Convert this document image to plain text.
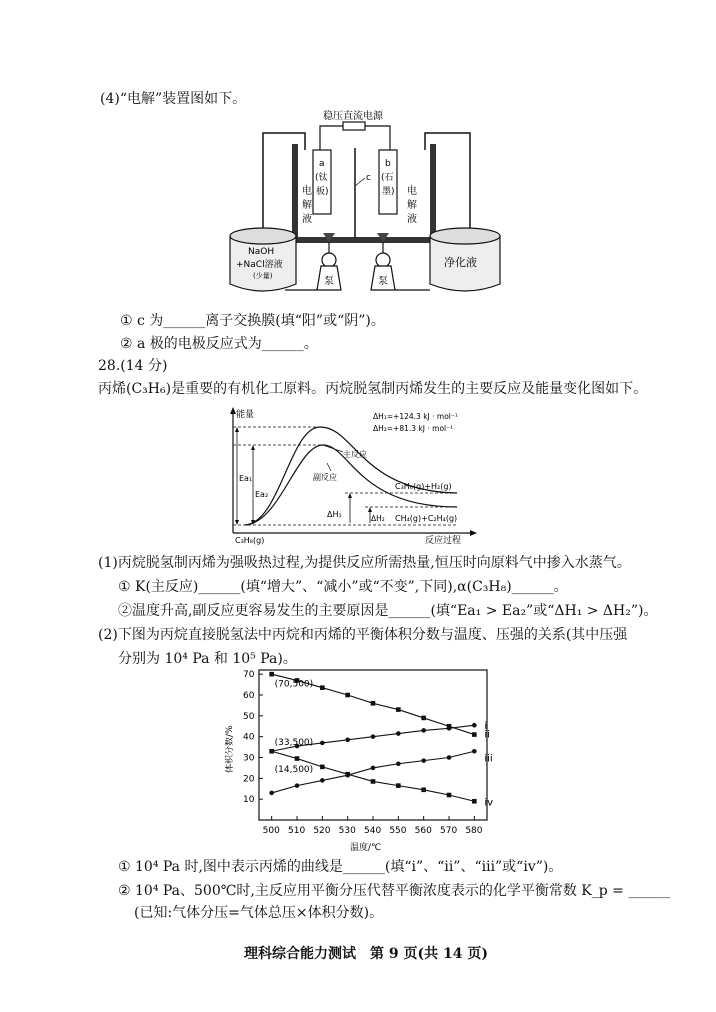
(4)“电解”装置图如下。
稳压直流电源
a
(钛
板)
b
(石
墨)
c
电
解
液
电
解
液
泵	泵
NaOH
+NaCl溶液
(少量)
净化液
① c 为______离子交换膜(填“阳”或“阴”)。
② a 极的电极反应式为______。
28.(14 分)
丙烯(C₃H₆)是重要的有机化工原料。丙烷脱氢制丙烯发生的主要反应及能量变化图如下。
能量
反应过程
ΔH₁=+124.3 kJ · mol⁻¹
ΔH₂=+81.3 kJ · mol⁻¹
主反应
副反应
Ea₁
Ea₂
ΔH₁	ΔH₂
C₃H₈(g)
C₃H₆(g)+H₂(g)
CH₄(g)+C₂H₄(g)
(1)丙烷脱氢制丙烯为强吸热过程,为提供反应所需热量,恒压时向原料气中掺入水蒸气。
① K(主反应)______(填“增大”、“减小”或“不变”,下同),α(C₃H₈)______。
②温度升高,副反应更容易发生的主要原因是______(填“Ea₁ > Ea₂”或“ΔH₁ > ΔH₂”)。
(2)下图为丙烷直接脱氢法中丙烷和丙烯的平衡体积分数与温度、压强的关系(其中压强
分别为 10⁴ Pa 和 10⁵ Pa)。
500 510 520 530 540 550 560 570 580
10
20
30
40
50
60
70
i
ii
iii
iv
(70,500)
(33,500)
(14,500)
温度/℃
体积分数/%
① 10⁴ Pa 时,图中表示丙烯的曲线是______(填“ⅰ”、“ⅱ”、“ⅲ”或“ⅳ”)。
② 10⁴ Pa、500℃时,主反应用平衡分压代替平衡浓度表示的化学平衡常数 K_p = ______
(已知:气体分压=气体总压×体积分数)。
理科综合能力测试　第 9 页(共 14 页)
